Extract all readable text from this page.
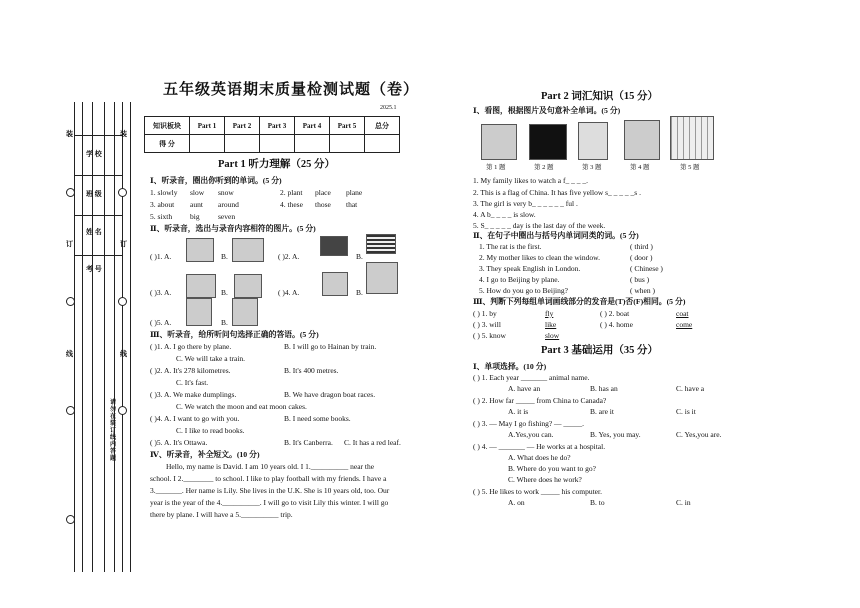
学 校
班 级
姓 名
考 号
装
订
线
装
订
线
请勿在装订线内答题
五年级英语期末质量检测试题（卷）
2025.1
知识板块	Part 1	Part 2	Part 3	Part 4	Part 5	总分
得 分						
Part 1 听力理解（25 分）
Ⅰ、听录音，圈出你听到的单词。(5 分)
1. slowly slow snow	2. plant place plane
3. about aunt around	4. these those that
5. sixth big seven
Ⅱ、听录音，选出与录音内容相符的图片。(5 分)
( )1. A.	B.	( )2. A.	B.
( )3. A.	B.	( )4. A.	B.
( )5. A.	B.
Ⅲ、听录音，给所听问句选择正确的答语。(5 分)
( )1. A. I go there by plane.	B. I will go to Hainan by train.
C. We will take a train.
( )2. A. It's 278 kilometres.	B. It's 400 metres.
C. It's fast.
( )3. A. We make dumplings.	B. We have dragon boat races.
C. We watch the moon and eat moon cakes.
( )4. A. I want to go with you.	B. I need some books.
C. I like to read books.
( )5. A. It's Ottawa.	B. It's Canberra. C. It has a red leaf.
Ⅳ、听录音，补全短文。(10 分)
Hello, my name is David. I am 10 years old. I 1.__________ near the
school. I 2.________ to school. I like to play football with my friends. I have a
3._______. Her name is Lily. She lives in the U.K. She is 10 years old, too. Our
year is the year of the 4.__________. I will go to visit Lily this winter. I will go
there by plane. I will have a 5.__________ trip.
Part 2 词汇知识（15 分）
Ⅰ、看图，根据图片及句意补全单词。(5 分)
第 1 题	第 2 题	第 3 题	第 4 题	第 5 题
1. My family likes to watch a f_ _ _ _.
2. This is a flag of China. It has five yellow s_ _ _ _ _s .
3. The girl is very b_ _ _ _ _ _ ful .
4. A b_ _ _ _ is slow.
5. S_ _ _ _ _ day is the last day of the week.
Ⅱ、在句子中圈出与括号内单词同类的词。(5 分)
1. The rat is the first.	( third )
2. My mother likes to clean the window.	( door )
3. They speak English in London.	( Chinese )
4. I go to Beijing by plane.	( bus )
5. How do you go to Beijing?	( when )
Ⅲ、判断下列每组单词画线部分的发音是(T)否(F)相同。(5 分)
( ) 1. by	fly	( ) 2. boat	coat
( ) 3. will	like	( ) 4. home	come
( ) 5. know	slow
Part 3 基础运用（35 分）
Ⅰ、单项选择。(10 分)
( ) 1. Each year _______ animal name.
A. have an	B. has an	C. have a
( ) 2. How far _____ from China to Canada?
A. it is	B. are it	C. is it
( ) 3. — May I go fishing? — _____.
A.Yes,you can.	B. Yes, you may.	C. Yes,you are.
( ) 4. — _______ — He works at a hospital.
A. What does he do?
B. Where do you want to go?
C. Where does he work?
( ) 5. He likes to work _____ his computer.
A. on	B. to	C. in
